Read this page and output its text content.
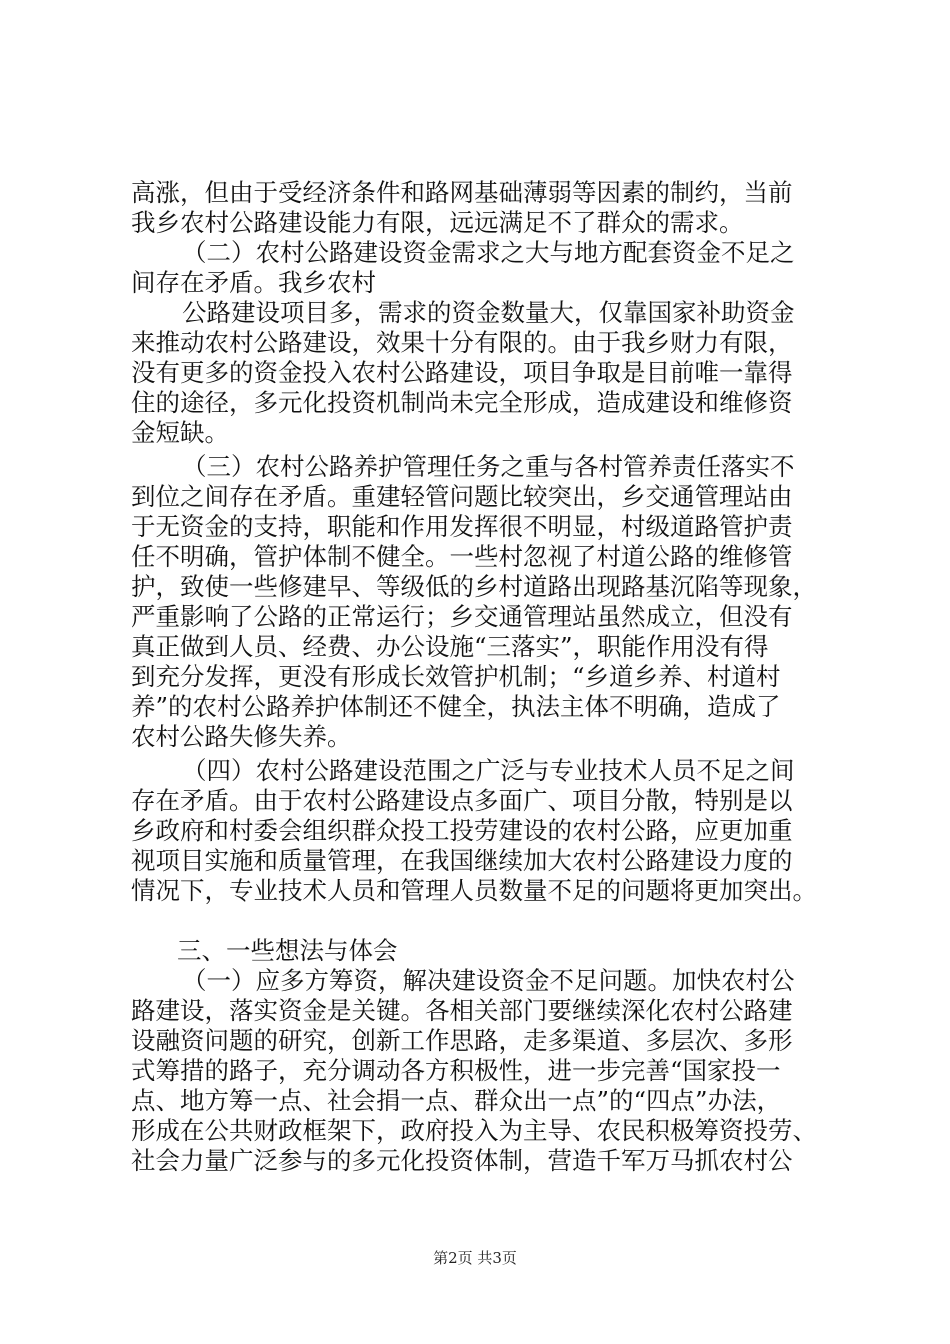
高涨，但由于受经济条件和路网基础薄弱等因素的制约，当前
我乡农村公路建设能力有限，远远满足不了群众的需求。
（二）农村公路建设资金需求之大与地方配套资金不足之
间存在矛盾。我乡农村
公路建设项目多，需求的资金数量大，仅靠国家补助资金
来推动农村公路建设，效果十分有限的。由于我乡财力有限，
没有更多的资金投入农村公路建设，项目争取是目前唯一靠得
住的途径，多元化投资机制尚未完全形成，造成建设和维修资
金短缺。
（三）农村公路养护管理任务之重与各村管养责任落实不
到位之间存在矛盾。重建轻管问题比较突出，乡交通管理站由
于无资金的支持，职能和作用发挥很不明显，村级道路管护责
任不明确，管护体制不健全。一些村忽视了村道公路的维修管
护，致使一些修建早、等级低的乡村道路出现路基沉陷等现象，
严重影响了公路的正常运行；乡交通管理站虽然成立，但没有
真正做到人员、经费、办公设施“三落实”，职能作用没有得
到充分发挥，更没有形成长效管护机制；“乡道乡养、村道村
养”的农村公路养护体制还不健全，执法主体不明确，造成了
农村公路失修失养。
（四）农村公路建设范围之广泛与专业技术人员不足之间
存在矛盾。由于农村公路建设点多面广、项目分散，特别是以
乡政府和村委会组织群众投工投劳建设的农村公路，应更加重
视项目实施和质量管理，在我国继续加大农村公路建设力度的
情况下，专业技术人员和管理人员数量不足的问题将更加突出。
三、一些想法与体会
（一）应多方筹资，解决建设资金不足问题。加快农村公
路建设，落实资金是关键。各相关部门要继续深化农村公路建
设融资问题的研究，创新工作思路，走多渠道、多层次、多形
式筹措的路子，充分调动各方积极性，进一步完善“国家投一
点、地方筹一点、社会捐一点、群众出一点”的“四点”办法，
形成在公共财政框架下，政府投入为主导、农民积极筹资投劳、
社会力量广泛参与的多元化投资体制，营造千军万马抓农村公
第2页 共3页
